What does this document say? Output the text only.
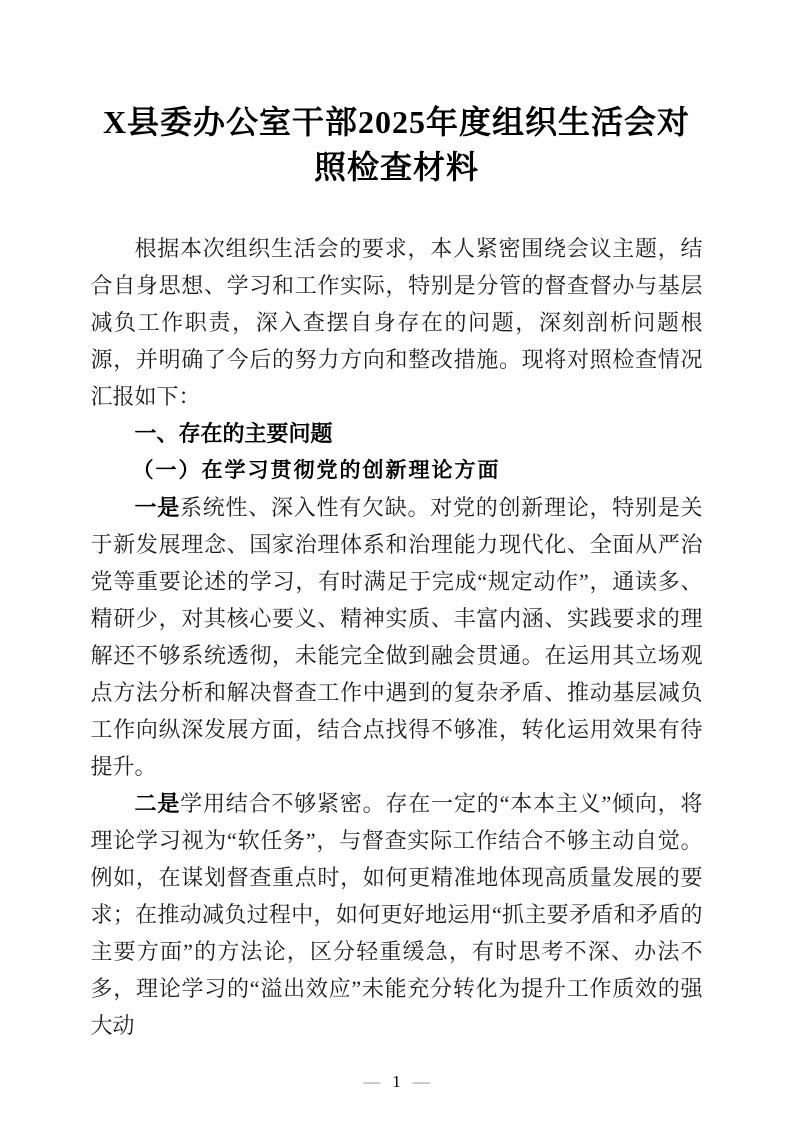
X县委办公室干部2025年度组织生活会对
照检查材料

根据本次组织生活会的要求，本人紧密围绕会议主题，结合自身思想、学习和工作实际，特别是分管的督查督办与基层减负工作职责，深入查摆自身存在的问题，深刻剖析问题根源，并明确了今后的努力方向和整改措施。现将对照检查情况汇报如下：

一、存在的主要问题

（一）在学习贯彻党的创新理论方面

一是系统性、深入性有欠缺。对党的创新理论，特别是关于新发展理念、国家治理体系和治理能力现代化、全面从严治党等重要论述的学习，有时满足于完成“规定动作”，通读多、精研少，对其核心要义、精神实质、丰富内涵、实践要求的理解还不够系统透彻，未能完全做到融会贯通。在运用其立场观点方法分析和解决督查工作中遇到的复杂矛盾、推动基层减负工作向纵深发展方面，结合点找得不够准，转化运用效果有待提升。

二是学用结合不够紧密。存在一定的“本本主义”倾向，将理论学习视为“软任务”，与督查实际工作结合不够主动自觉。例如，在谋划督查重点时，如何更精准地体现高质量发展的要求；在推动减负过程中，如何更好地运用“抓主要矛盾和矛盾的主要方面”的方法论，区分轻重缓急，有时思考不深、办法不多，理论学习的“溢出效应”未能充分转化为提升工作质效的强大动

— 1 —
